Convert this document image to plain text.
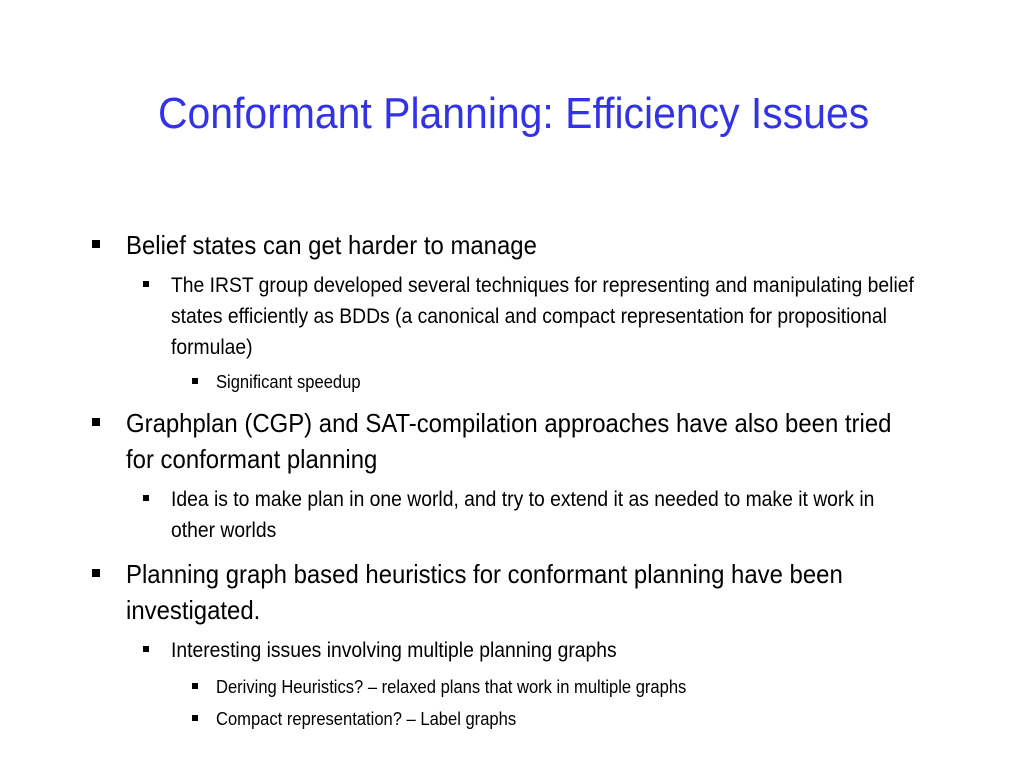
Conformant Planning: Efficiency Issues
Belief states can get harder to manage
The IRST group developed several techniques for representing and manipulating belief states efficiently as BDDs (a canonical and compact representation for propositional formulae)
Significant speedup
Graphplan (CGP) and SAT-compilation approaches have also been tried for conformant planning
Idea is to make plan in one world, and try to extend it as needed to make it work in other worlds
Planning graph based heuristics for conformant planning have been investigated.
Interesting issues involving multiple planning graphs
Deriving Heuristics? – relaxed plans that work in multiple graphs
Compact representation? – Label graphs
